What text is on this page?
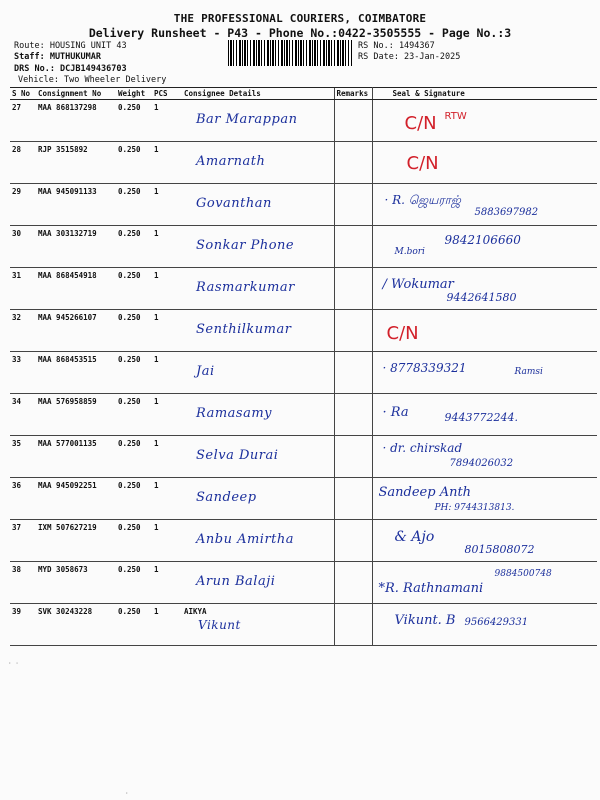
THE PROFESSIONAL COURIERS, COIMBATORE
Delivery Runsheet - P43 - Phone No.:0422-3505555 - Page No.:3
Route: HOUSING UNIT 43
Staff: MUTHUKUMAR
DRS No.: DCJB149436703
Vehicle: Two Wheeler Delivery
RS No.: 1494367
RS Date: 23-Jan-2025
S No	Consignment No	Weight	PCS	Consignee Details	Remarks	Seal & Signature
27	MAA 868137298	0.250	1	Bar Marappan		C/N RTW

28	RJP 3515892	0.250	1	Amarnath		C/N

29	MAA 945091133	0.250	1	Govanthan		· R. ஜெயராஜ்
5883697982

30	MAA 303132719	0.250	1	Sonkar Phone		M.bori
9842106660

31	MAA 868454918	0.250	1	Rasmarkumar		/ Wokumar
9442641580

32	MAA 945266107	0.250	1	Senthilkumar		C/N

33	MAA 868453515	0.250	1	Jai		· 8778339321 Ramsi

34	MAA 576958859	0.250	1	Ramasamy		· Ra 9443772244.

35	MAA 577001135	0.250	1	Selva Durai		· dr. chirskad
7894026032

36	MAA 945092251	0.250	1	Sandeep		Sandeep Anth
PH: 9744313813.

37	IXM 507627219	0.250	1	Anbu Amirtha		& Ajo
8015808072

38	MYD 3058673	0.250	1	Arun Balaji		*R. Rathnamani
9884500748

39	SVK 30243228	0.250	1	AIKYA
Vikunt		Vikunt. B 9566429331
· ·
·
